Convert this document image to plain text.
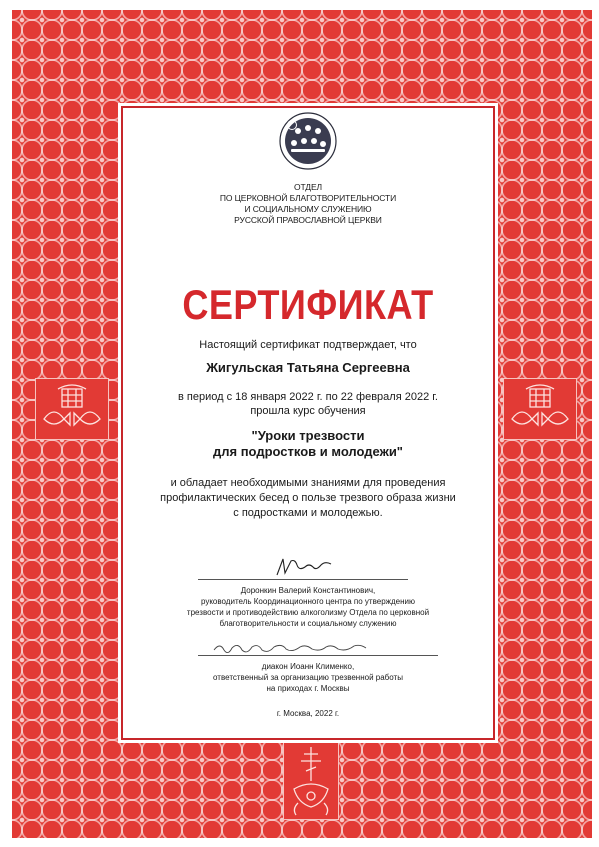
ОТДЕЛ
ПО ЦЕРКОВНОЙ БЛАГОТВОРИТЕЛЬНОСТИ
И СОЦИАЛЬНОМУ СЛУЖЕНИЮ
РУССКОЙ ПРАВОСЛАВНОЙ ЦЕРКВИ

СЕРТИФИКАТ

Настоящий сертификат подтверждает, что

Жигульская Татьяна Сергеевна

в период с 18 января 2022 г. по 22 февраля 2022 г.

прошла курс обучения

"Уроки трезвости
для подростков и молодежи"

и обладает необходимыми знаниями для проведения профилактических бесед о пользе трезвого образа жизни с подростками и молодежью.

Доронкин Валерий Константинович,
руководитель Координационного центра по утверждению
трезвости и противодействию алкоголизму Отдела по церковной
благотворительности и социальному служению

диакон Иоанн Клименко,
ответственный за организацию трезвенной работы
на приходах г. Москвы

г. Москва, 2022 г.
